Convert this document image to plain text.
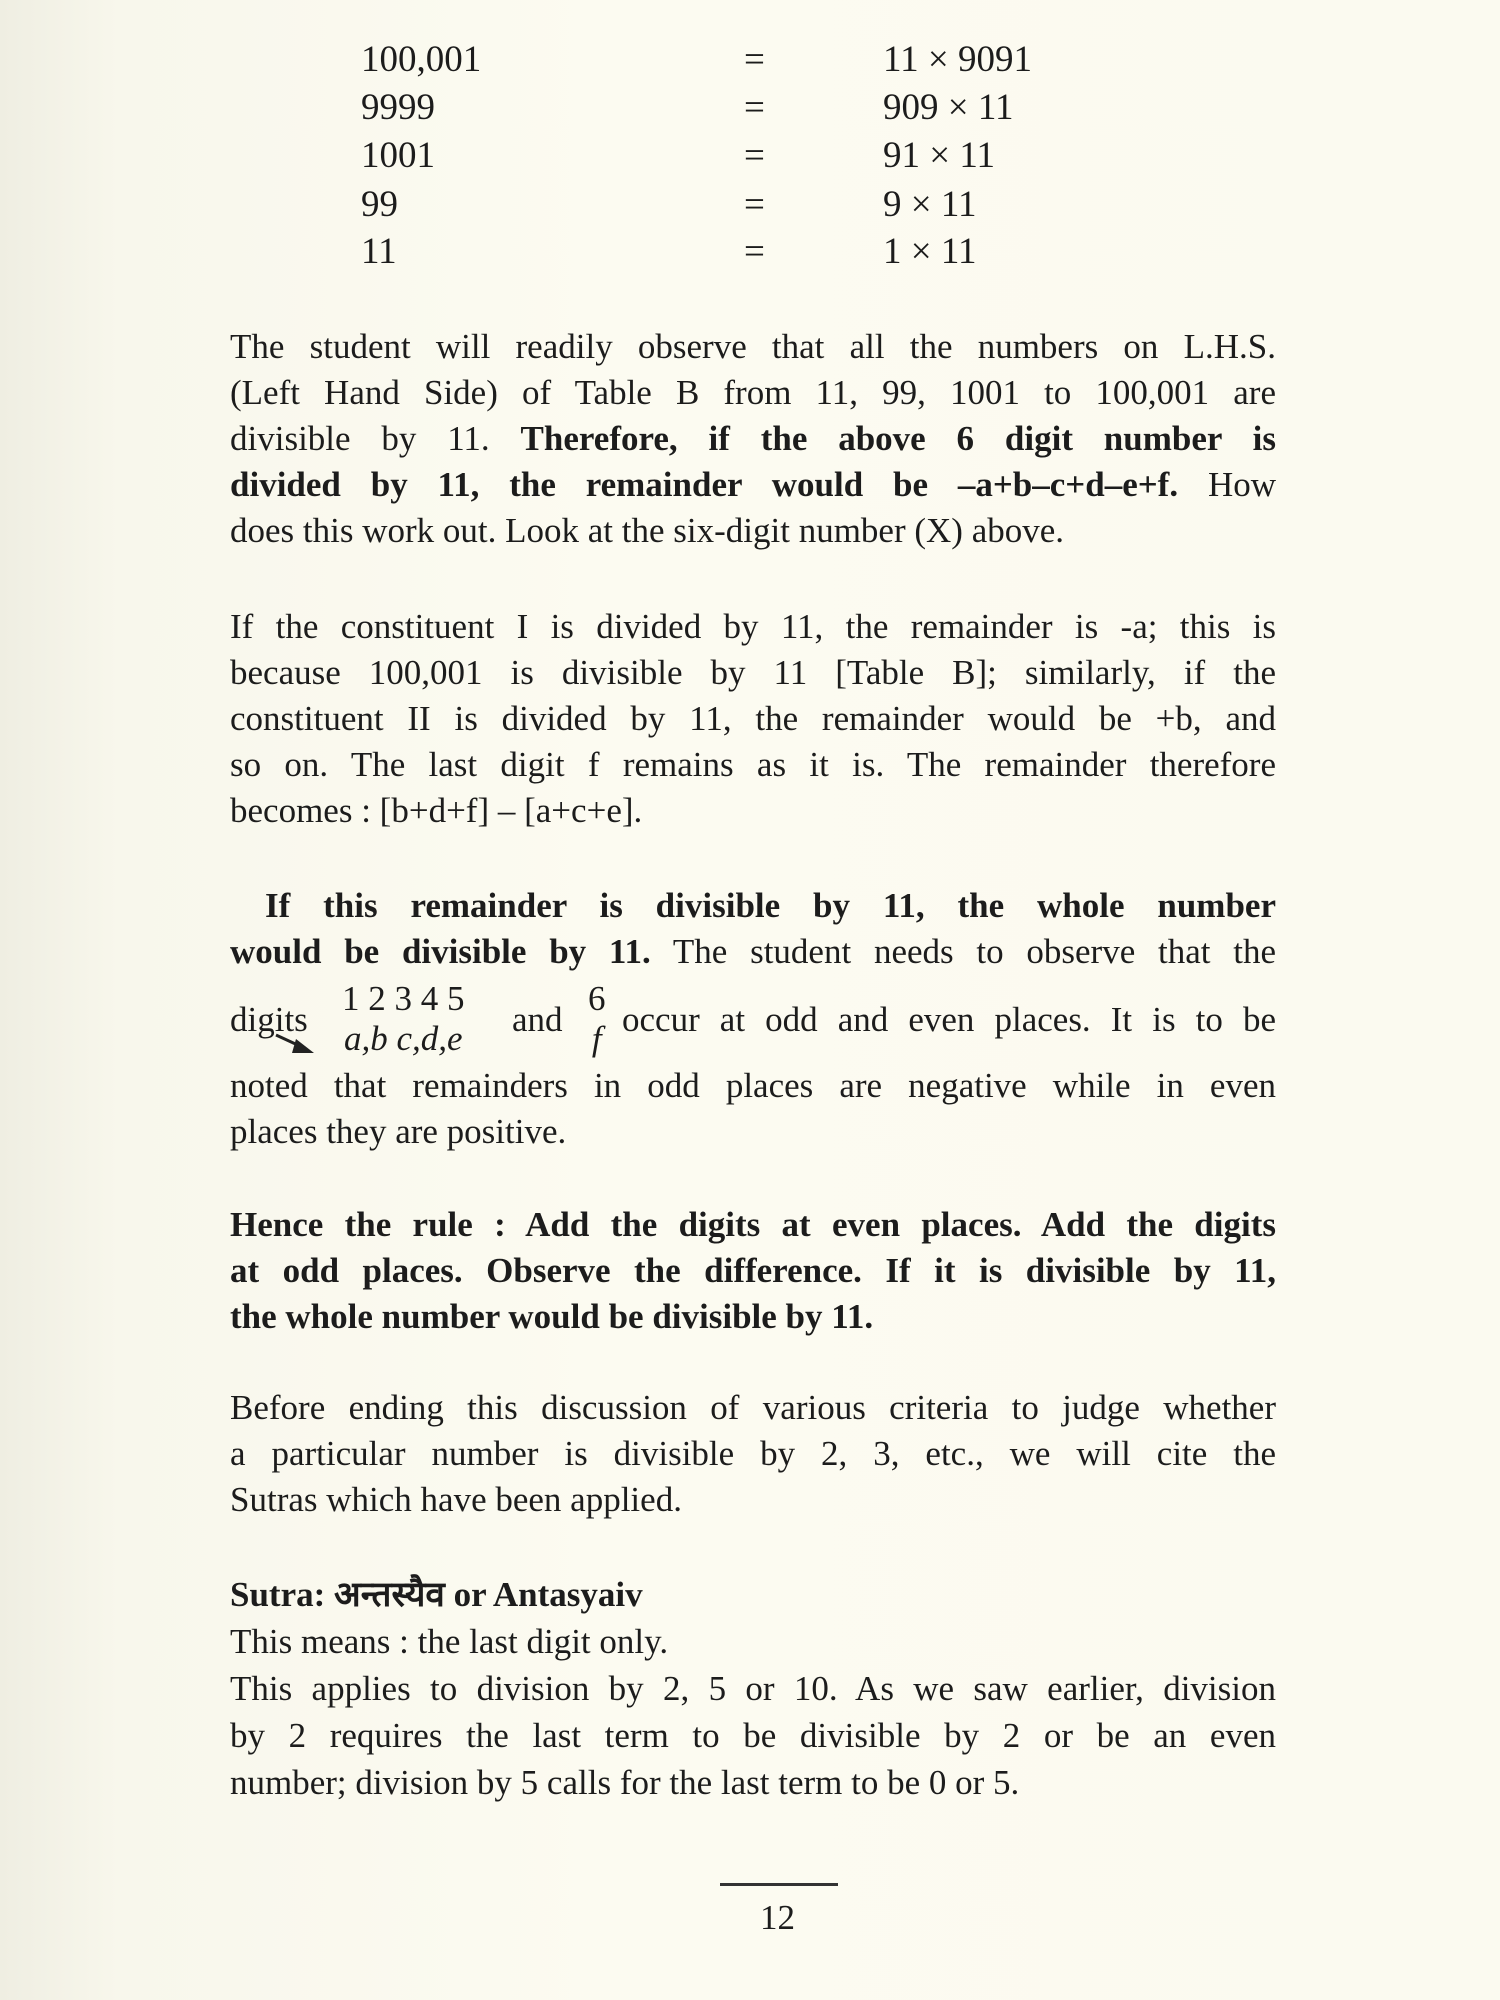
100,001	=	11 × 9091
9999	=	909 × 11
1001	=	91 × 11
99	=	9 × 11
11	=	1 × 11
The student will readily observe that all the numbers on L.H.S.
(Left Hand Side) of Table B from 11, 99, 1001 to 100,001 are
divisible by 11. Therefore, if the above 6 digit number is
divided by 11, the remainder would be –a+b–c+d–e+f. How
does this work out. Look at the six-digit number (X) above.
If the constituent I is divided by 11, the remainder is -a; this is
because 100,001 is divisible by 11 [Table B]; similarly, if the
constituent II is divided by 11, the remainder would be +b, and
so on. The last digit f remains as it is. The remainder therefore
becomes : [b+d+f] – [a+c+e].
If this remainder is divisible by 11, the whole number
would be divisible by 11. The student needs to observe that the
digits
1 2 3 4 5
a,b c,d,e and
6
f occur at odd and even places. It is to be
noted that remainders in odd places are negative while in even
places they are positive.
Hence the rule : Add the digits at even places. Add the digits
at odd places. Observe the difference. If it is divisible by 11,
the whole number would be divisible by 11.
Before ending this discussion of various criteria to judge whether
a particular number is divisible by 2, 3, etc., we will cite the
Sutras which have been applied.
Sutra: अन्तस्यैव or Antasyaiv
This means : the last digit only.
This applies to division by 2, 5 or 10. As we saw earlier, division
by 2 requires the last term to be divisible by 2 or be an even
number; division by 5 calls for the last term to be 0 or 5.
12
